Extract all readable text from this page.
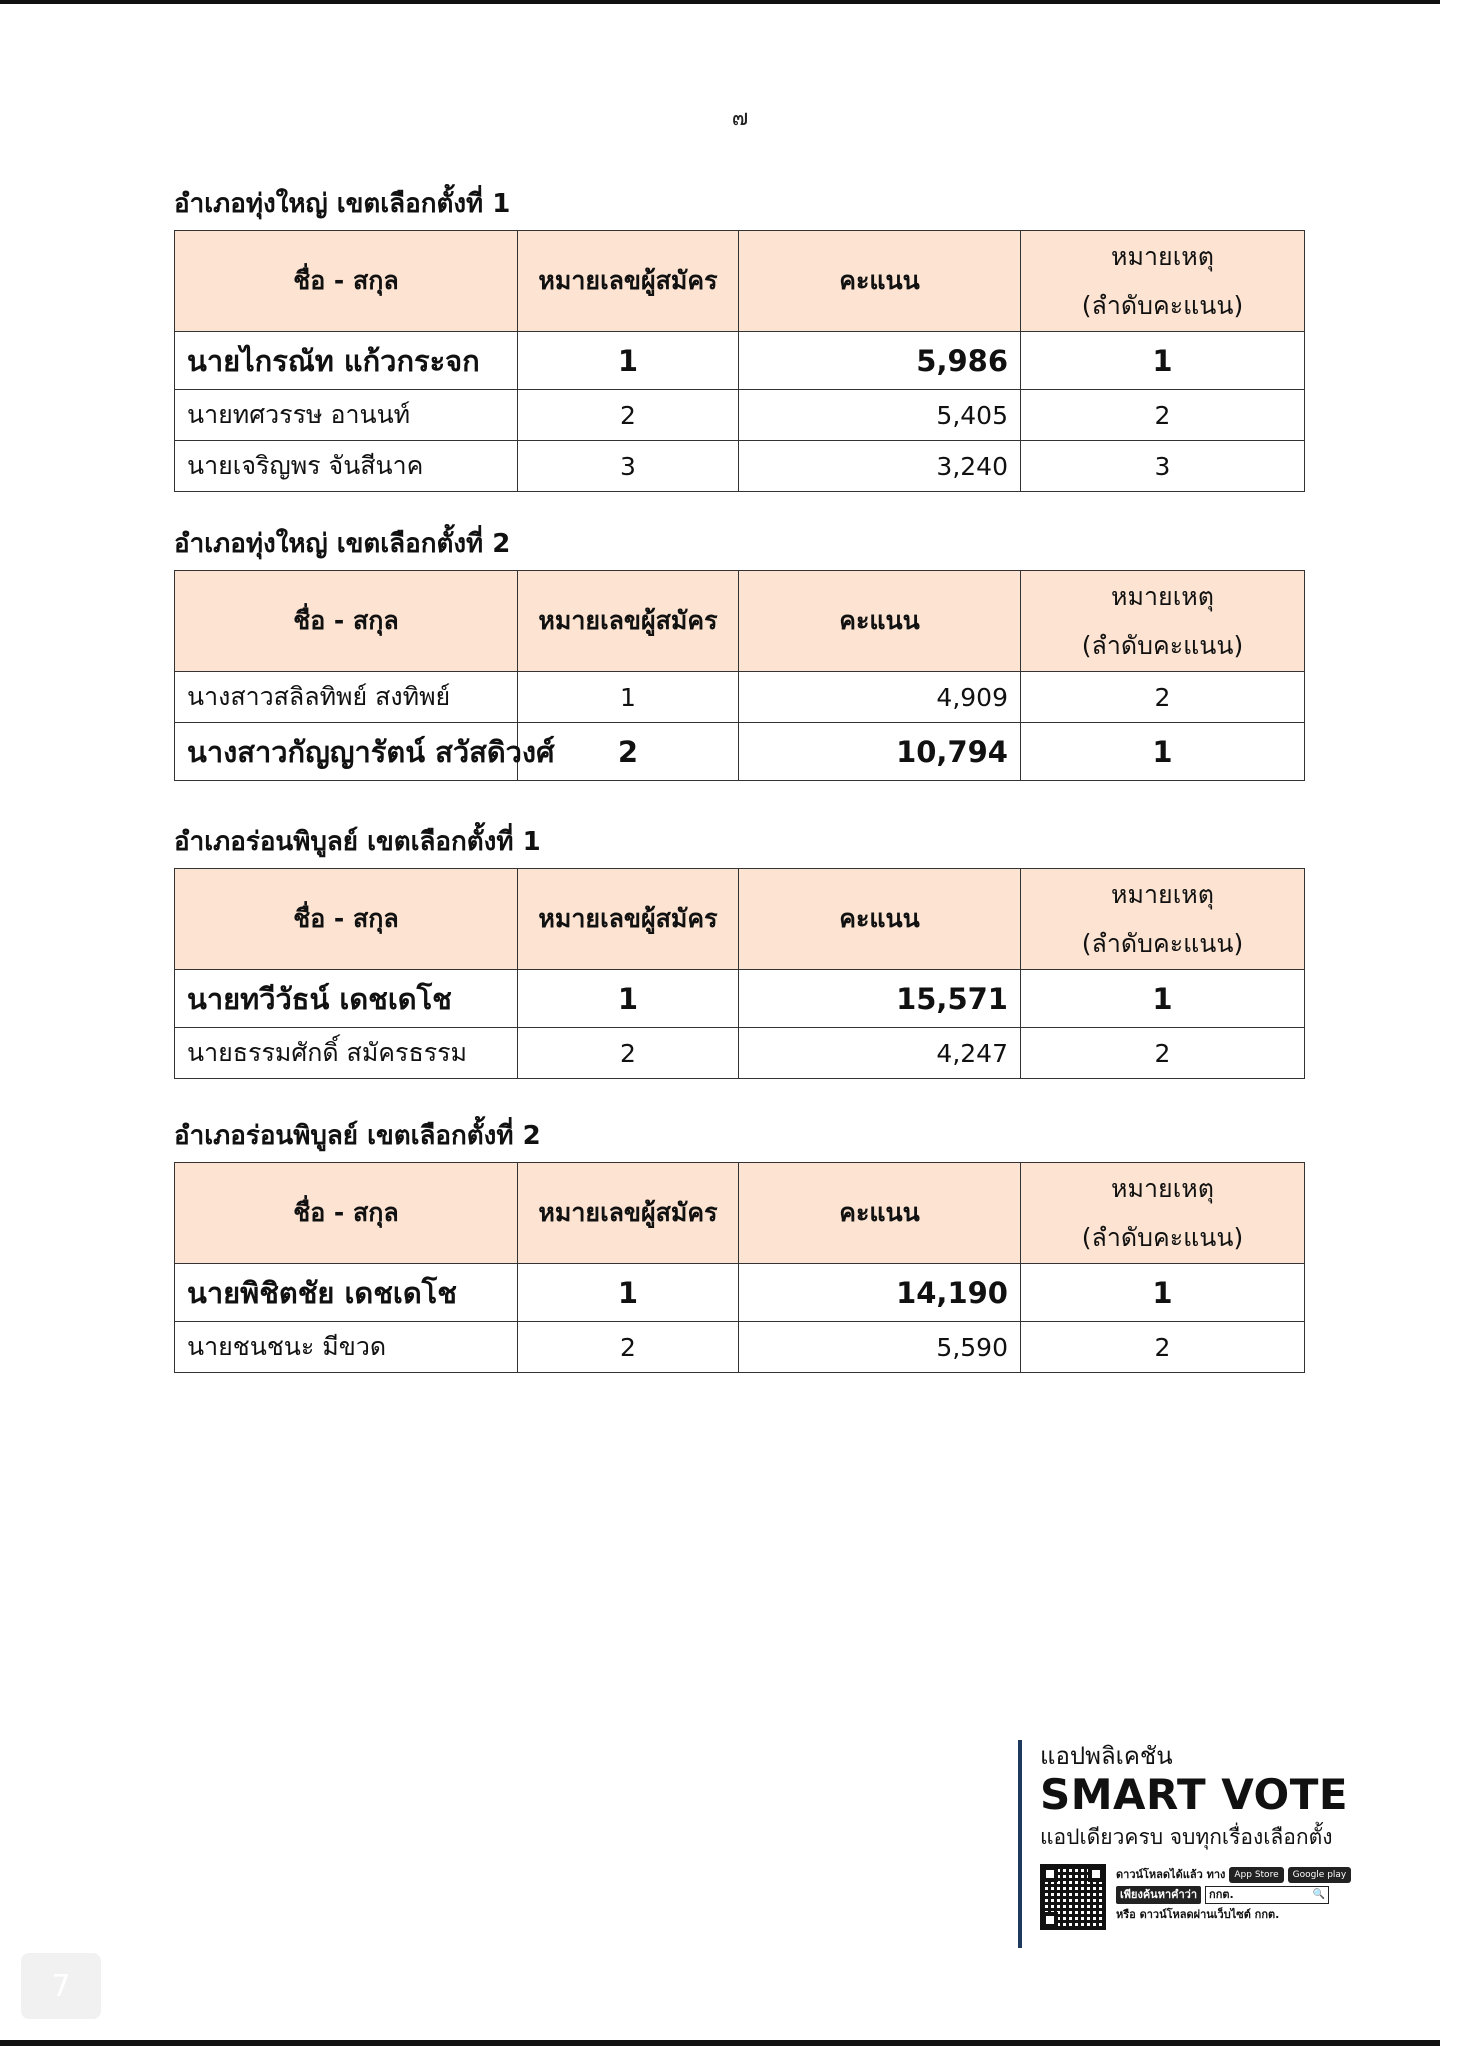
๗
อำเภอทุ่งใหญ่ เขตเลือกตั้งที่ 1
ชื่อ - สกุล	หมายเลขผู้สมัคร	คะแนน	หมายเหตุ
(ลำดับคะแนน)
นายไกรณัท แก้วกระจก	1	5,986	1
นายทศวรรษ อานนท์	2	5,405	2
นายเจริญพร จันสีนาค	3	3,240	3
อำเภอทุ่งใหญ่ เขตเลือกตั้งที่ 2
ชื่อ - สกุล	หมายเลขผู้สมัคร	คะแนน	หมายเหตุ
(ลำดับคะแนน)
นางสาวสลิลทิพย์ สงทิพย์	1	4,909	2
นางสาวกัญญารัตน์ สวัสดิวงศ์	2	10,794	1
อำเภอร่อนพิบูลย์ เขตเลือกตั้งที่ 1
ชื่อ - สกุล	หมายเลขผู้สมัคร	คะแนน	หมายเหตุ
(ลำดับคะแนน)
นายทวีวัธน์ เดชเดโช	1	15,571	1
นายธรรมศักดิ์ สมัครธรรม	2	4,247	2
อำเภอร่อนพิบูลย์ เขตเลือกตั้งที่ 2
ชื่อ - สกุล	หมายเลขผู้สมัคร	คะแนน	หมายเหตุ
(ลำดับคะแนน)
นายพิชิตชัย เดชเดโช	1	14,190	1
นายชนชนะ มีขวด	2	5,590	2
แอปพลิเคชัน
SMART VOTE
แอปเดียวครบ จบทุกเรื่องเลือกตั้ง
ดาวน์โหลดได้แล้ว ทาง	App Store	Google play
เพียงค้นหาคำว่า	กกต.	🔍
หรือ ดาวน์โหลดผ่านเว็บไซต์ กกต.
7
